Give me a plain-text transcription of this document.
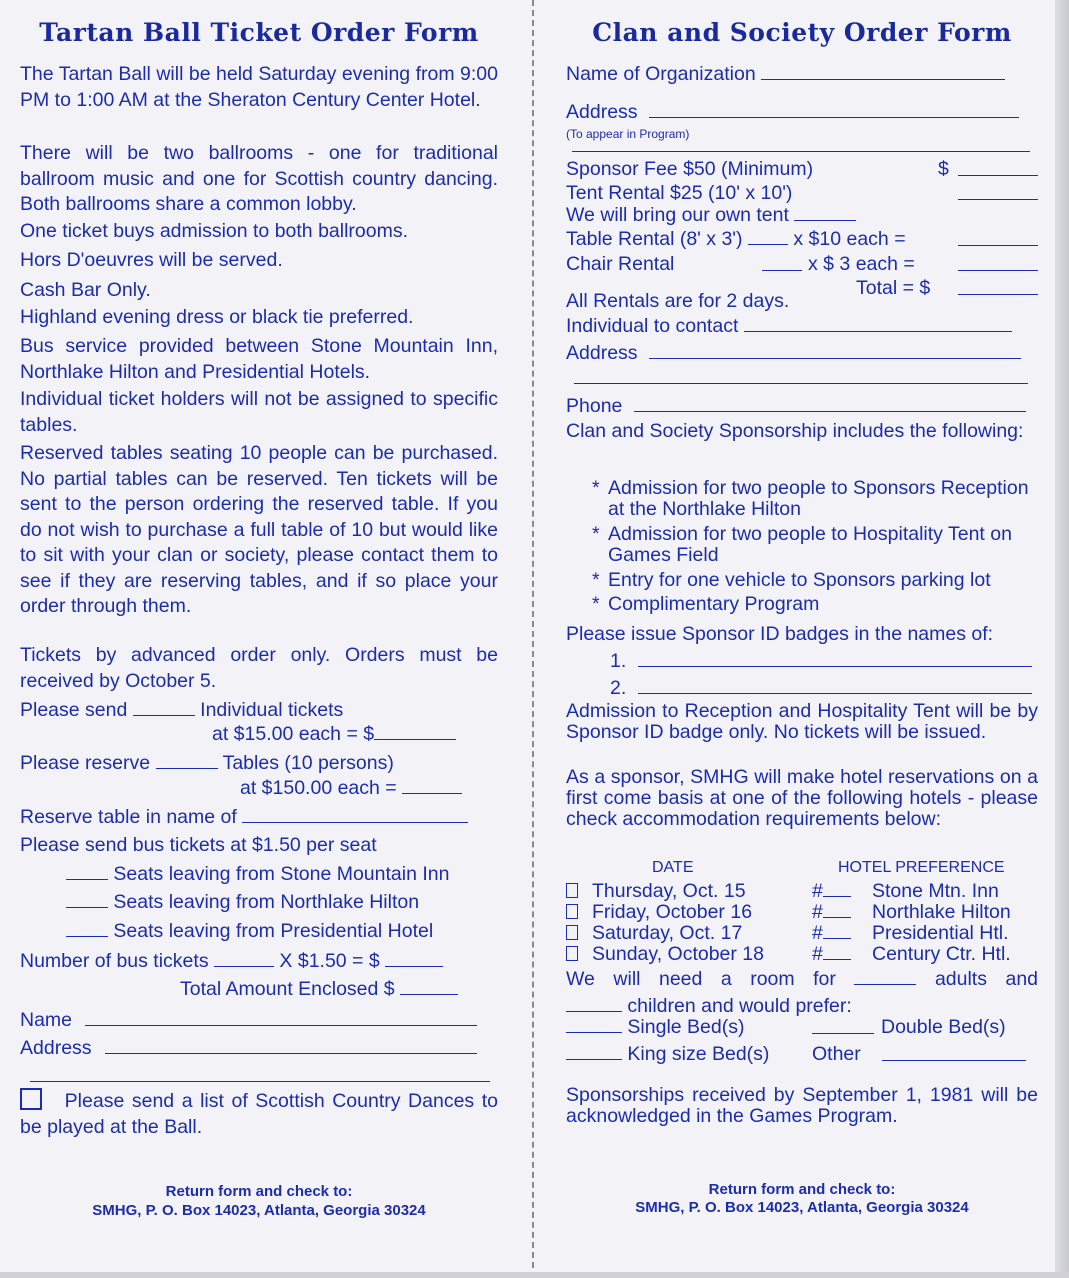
Tartan Ball Ticket Order Form
The Tartan Ball will be held Saturday evening from 9:00 PM to 1:00 AM at the Sheraton Century Center Hotel.
There will be two ballrooms - one for traditional ballroom music and one for Scottish country dancing. Both ballrooms share a common lobby.
One ticket buys admission to both ballrooms.
Hors D'oeuvres will be served.
Cash Bar Only.
Highland evening dress or black tie preferred.
Bus service provided between Stone Mountain Inn, Northlake Hilton and Presidential Hotels.
Individual ticket holders will not be assigned to specific tables.
Reserved tables seating 10 people can be purchased. No partial tables can be reserved. Ten tickets will be sent to the person ordering the reserved table. If you do not wish to purchase a full table of 10 but would like to sit with your clan or society, please contact them to see if they are reserving tables, and if so place your order through them.
Tickets by advanced order only. Orders must be received by October 5.
Please send	Individual tickets
at $15.00 each = $
Please reserve	Tables (10 persons)
at $150.00 each =
Reserve table in name of
Please send bus tickets at $1.50 per seat
Seats leaving from Stone Mountain Inn
Seats leaving from Northlake Hilton
Seats leaving from Presidential Hotel
Number of bus tickets	X $1.50 = $
Total Amount Enclosed $
Name
Address
Please send a list of Scottish Country Dances to be played at the Ball.
Return form and check to:
SMHG, P. O. Box 14023, Atlanta, Georgia 30324
Clan and Society Order Form
Name of Organization
Address
(To appear in Program)
Sponsor Fee $50 (Minimum)	$
Tent Rental $25 (10' x 10')
We will bring our own tent
Table Rental (8' x 3')	x $10 each =
Chair Rental	x $ 3 each =
Total = $
All Rentals are for 2 days.
Individual to contact
Address
Phone
Clan and Society Sponsorship includes the following:
* Admission for two people to Sponsors Reception at the Northlake Hilton
* Admission for two people to Hospitality Tent on Games Field
* Entry for one vehicle to Sponsors parking lot
* Complimentary Program
Please issue Sponsor ID badges in the names of:
1.
2.
Admission to Reception and Hospitality Tent will be by Sponsor ID badge only. No tickets will be issued.
As a sponsor, SMHG will make hotel reservations on a first come basis at one of the following hotels - please check accommodation requirements below:
DATE	HOTEL PREFERENCE
Thursday, Oct. 15	#	Stone Mtn. Inn
Friday, October 16	#	Northlake Hilton
Saturday, Oct. 17	#	Presidential Htl.
Sunday, October 18 #	Century Ctr. Htl.
We will need a room for	adults and
children and would prefer:
Single Bed(s)	Double Bed(s)
King size Bed(s) Other
Sponsorships received by September 1, 1981 will be acknowledged in the Games Program.
Return form and check to:
SMHG, P. O. Box 14023, Atlanta, Georgia 30324
